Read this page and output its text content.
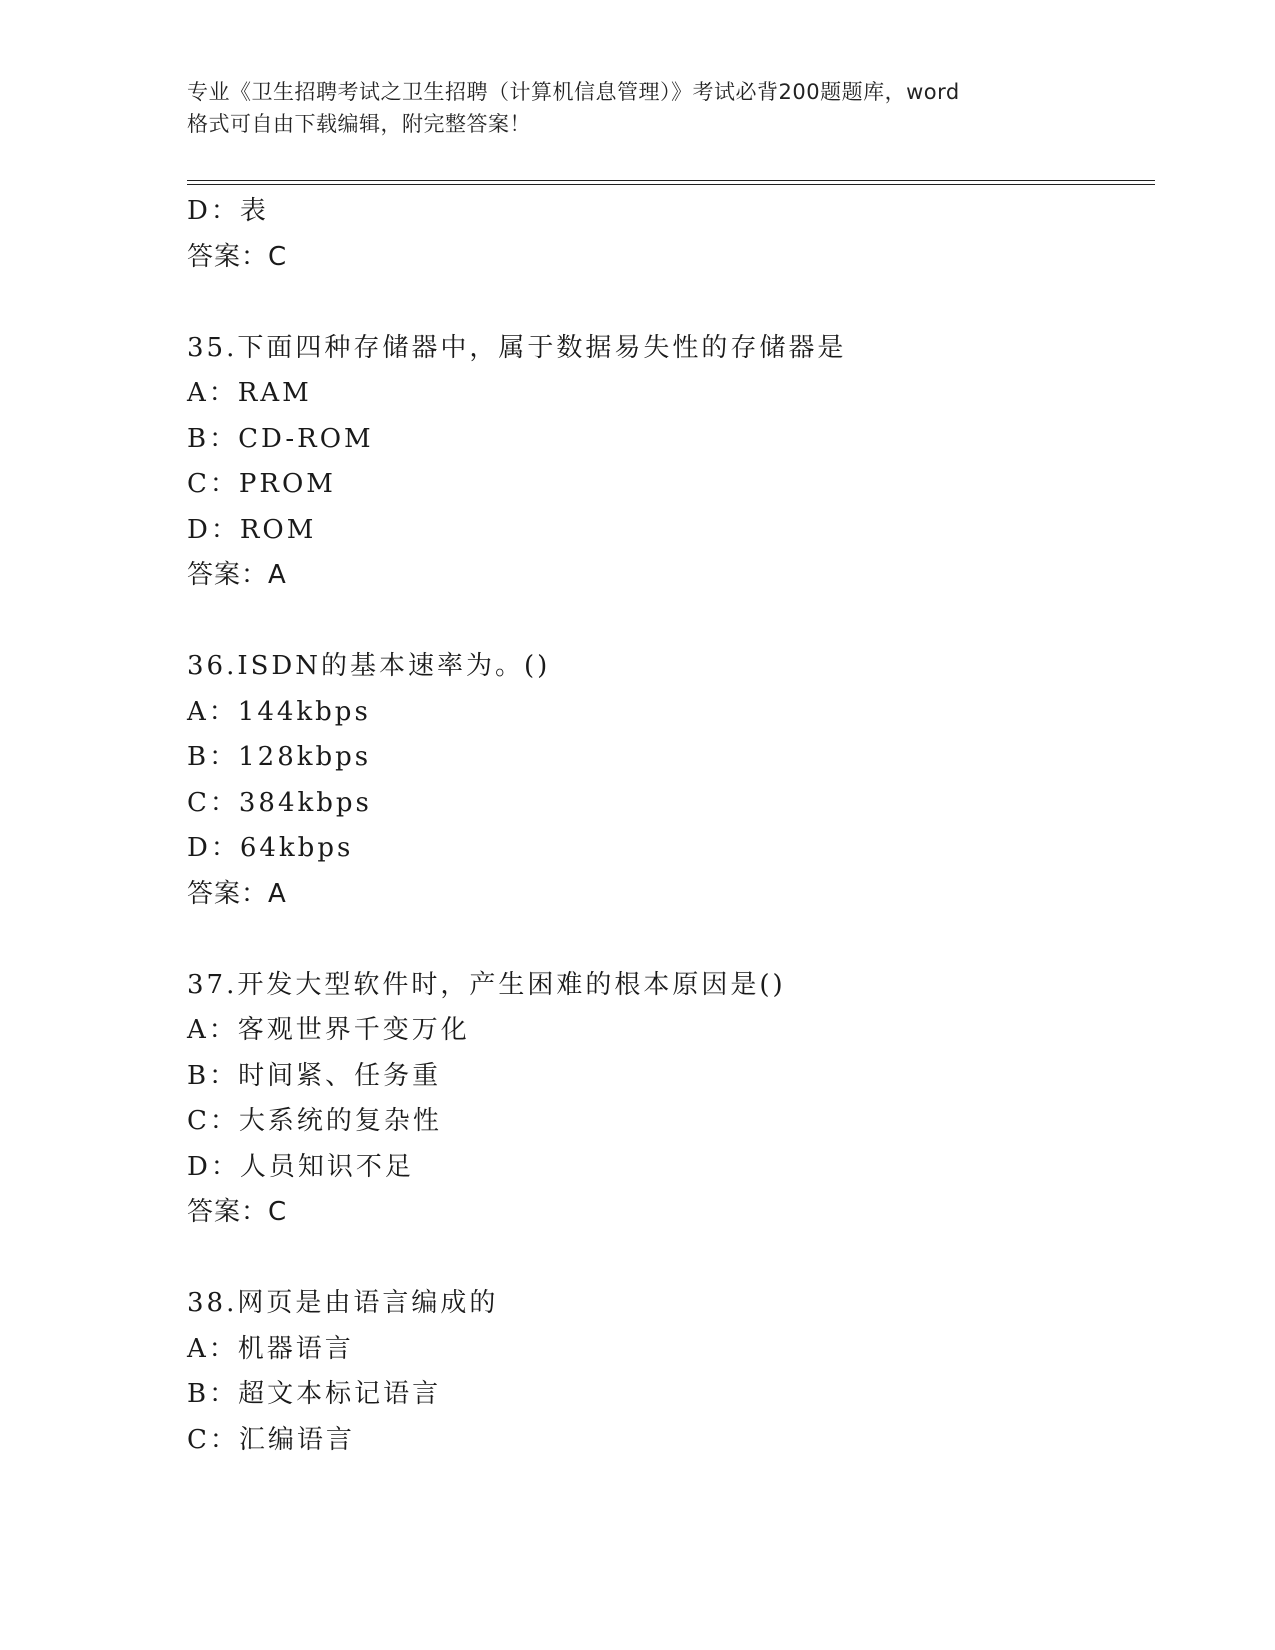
专业《卫生招聘考试之卫生招聘（计算机信息管理）》考试必背200题题库，word
格式可自由下载编辑，附完整答案！
D：表
答案：C
35.下面四种存储器中，属于数据易失性的存储器是
A：RAM
B：CD-ROM
C：PROM
D：ROM
答案：A
36.ISDN的基本速率为。()
A：144kbps
B：128kbps
C：384kbps
D：64kbps
答案：A
37.开发大型软件时，产生困难的根本原因是()
A：客观世界千变万化
B：时间紧、任务重
C：大系统的复杂性
D：人员知识不足
答案：C
38.网页是由语言编成的
A：机器语言
B：超文本标记语言
C：汇编语言
